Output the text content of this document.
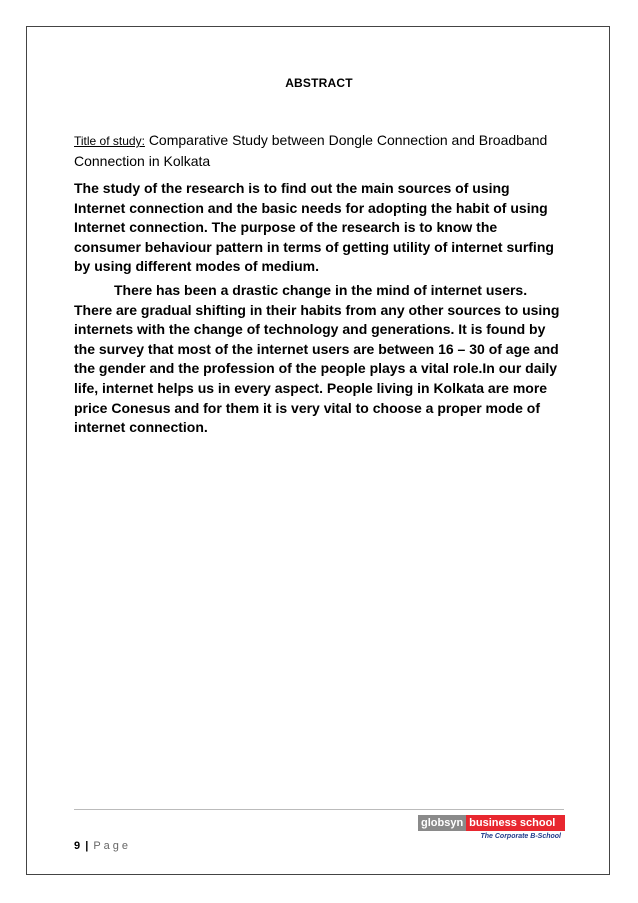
ABSTRACT
Title of study: Comparative Study between Dongle Connection and Broadband Connection in Kolkata

The study of the research is to find out the main sources of using Internet connection and the basic needs for adopting the habit of using Internet connection. The purpose of the research is to know the consumer behaviour pattern in terms of getting utility of internet surfing by using different modes of medium.

There has been a drastic change in the mind of internet users. There are gradual shifting in their habits from any other sources to using internets with the change of technology and generations. It is found by the survey that most of the internet users are between 16 – 30 of age and the gender and the profession of the people plays a vital role.In our daily life, internet helps us in every aspect. People living in Kolkata are more price Conesus and for them it is very vital to choose a proper mode of internet connection.

9 | Page
globsyn business school
The Corporate B-School
